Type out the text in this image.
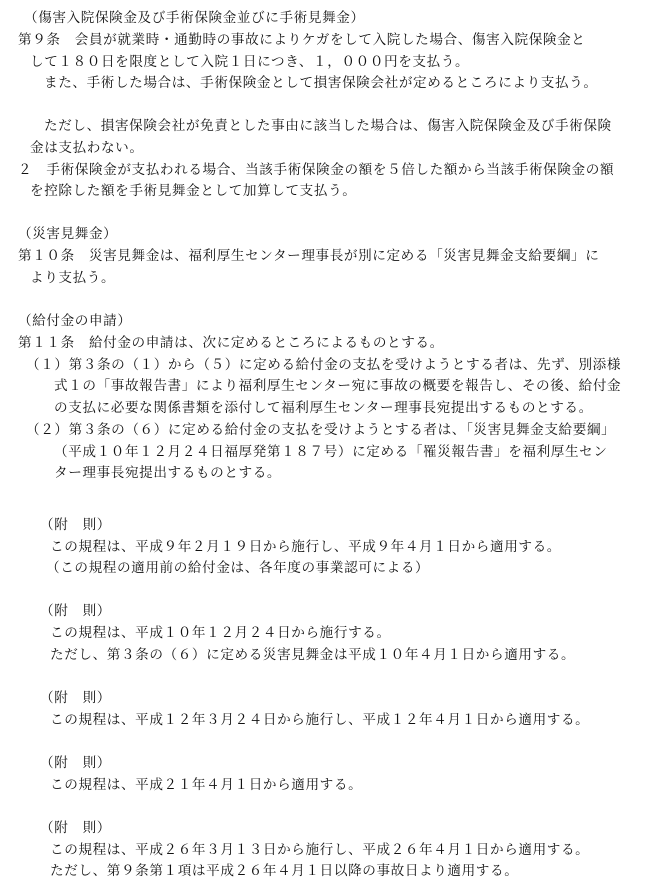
（傷害入院保険金及び手術保険金並びに手術見舞金）
第９条　会員が就業時・通勤時の事故によりケガをして入院した場合、傷害入院保険金と
して１８０日を限度として入院１日につき、１，０００円を支払う。
また、手術した場合は、手術保険金として損害保険会社が定めるところにより支払う。
ただし、損害保険会社が免責とした事由に該当した場合は、傷害入院保険金及び手術保険
金は支払わない。
２　手術保険金が支払われる場合、当該手術保険金の額を５倍した額から当該手術保険金の額
を控除した額を手術見舞金として加算して支払う。
（災害見舞金）
第１０条　災害見舞金は、福利厚生センター理事長が別に定める「災害見舞金支給要綱」に
より支払う。
（給付金の申請）
第１１条　給付金の申請は、次に定めるところによるものとする。
（１）第３条の（１）から（５）に定める給付金の支払を受けようとする者は、先ず、別添様
式１の「事故報告書」により福利厚生センター宛に事故の概要を報告し、その後、給付金
の支払に必要な関係書類を添付して福利厚生センター理事長宛提出するものとする。
（２）第３条の（６）に定める給付金の支払を受けようとする者は、「災害見舞金支給要綱」
（平成１０年１２月２４日福厚発第１８７号）に定める「罹災報告書」を福利厚生セン
ター理事長宛提出するものとする。
（附　則）
この規程は、平成９年２月１９日から施行し、平成９年４月１日から適用する。
（この規程の適用前の給付金は、各年度の事業認可による）
（附　則）
この規程は、平成１０年１２月２４日から施行する。
ただし、第３条の（６）に定める災害見舞金は平成１０年４月１日から適用する。
（附　則）
この規程は、平成１２年３月２４日から施行し、平成１２年４月１日から適用する。
（附　則）
この規程は、平成２１年４月１日から適用する。
（附　則）
この規程は、平成２６年３月１３日から施行し、平成２６年４月１日から適用する。
ただし、第９条第１項は平成２６年４月１日以降の事故日より適用する。
